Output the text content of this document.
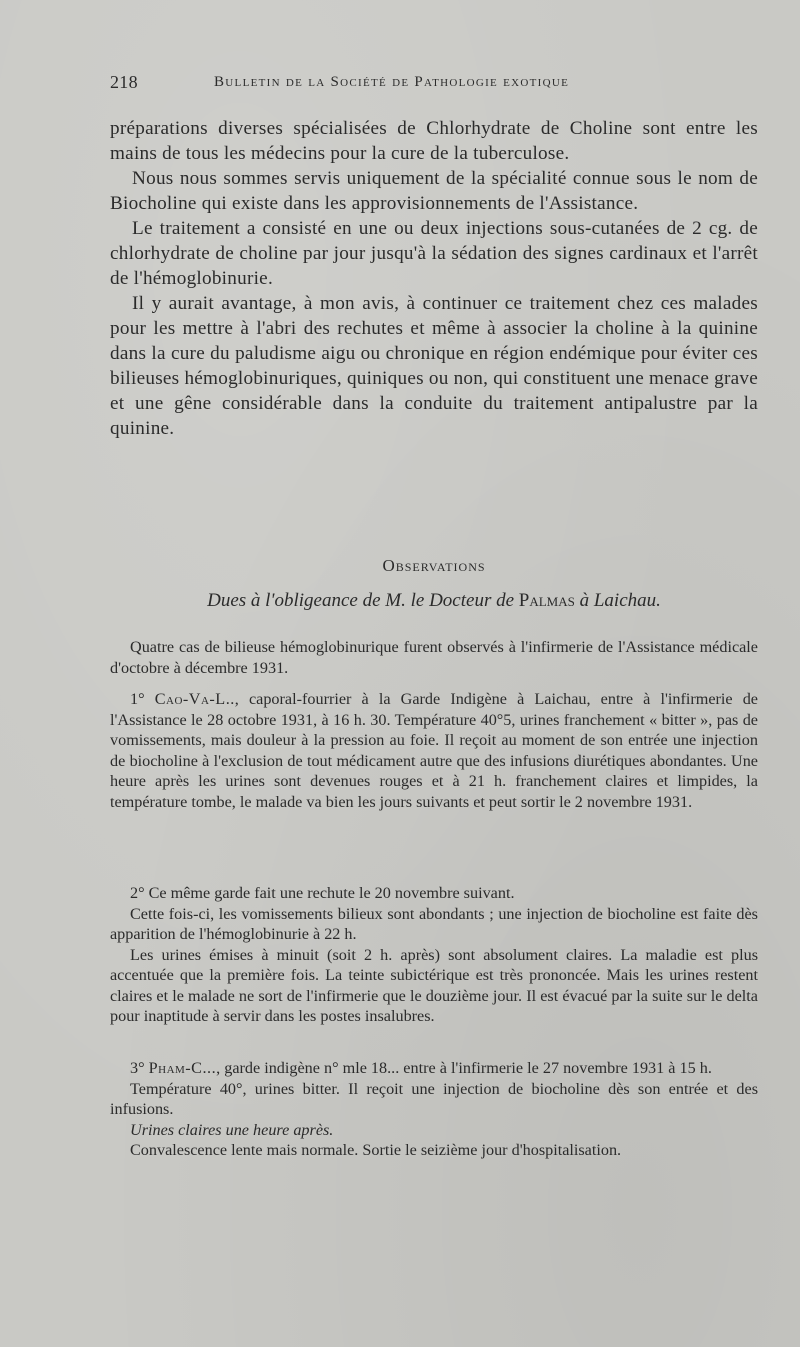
218	Bulletin de la Société de Pathologie exotique

préparations diverses spécialisées de Chlorhydrate de Choline sont entre les mains de tous les médecins pour la cure de la tuberculose.

Nous nous sommes servis uniquement de la spécialité connue sous le nom de Biocholine qui existe dans les approvisionnements de l'Assistance.

Le traitement a consisté en une ou deux injections sous-cutanées de 2 cg. de chlorhydrate de choline par jour jusqu'à la sédation des signes cardinaux et l'arrêt de l'hémoglobinurie.

Il y aurait avantage, à mon avis, à continuer ce traitement chez ces malades pour les mettre à l'abri des rechutes et même à associer la choline à la quinine dans la cure du paludisme aigu ou chronique en région endémique pour éviter ces bilieuses hémoglobinuriques, quiniques ou non, qui constituent une menace grave et une gêne considérable dans la conduite du traitement antipalustre par la quinine.

Observations
Dues à l'obligeance de M. le Docteur de Palmas à Laichau.

Quatre cas de bilieuse hémoglobinurique furent observés à l'infirmerie de l'Assistance médicale d'octobre à décembre 1931.

1° Cao-Va-L.., caporal-fourrier à la Garde Indigène à Laichau, entre à l'infirmerie de l'Assistance le 28 octobre 1931, à 16 h. 30. Température 40°5, urines franchement « bitter », pas de vomissements, mais douleur à la pression au foie. Il reçoit au moment de son entrée une injection de biocholine à l'exclusion de tout médicament autre que des infusions diurétiques abondantes. Une heure après les urines sont devenues rouges et à 21 h. franchement claires et limpides, la température tombe, le malade va bien les jours suivants et peut sortir le 2 novembre 1931.

2° Ce même garde fait une rechute le 20 novembre suivant.

Cette fois-ci, les vomissements bilieux sont abondants ; une injection de biocholine est faite dès apparition de l'hémoglobinurie à 22 h.

Les urines émises à minuit (soit 2 h. après) sont absolument claires. La maladie est plus accentuée que la première fois. La teinte subictérique est très prononcée. Mais les urines restent claires et le malade ne sort de l'infirmerie que le douzième jour. Il est évacué par la suite sur le delta pour inaptitude à servir dans les postes insalubres.

3° Pham-C..., garde indigène n° mle 18... entre à l'infirmerie le 27 novembre 1931 à 15 h.

Température 40°, urines bitter. Il reçoit une injection de biocholine dès son entrée et des infusions.

Urines claires une heure après.

Convalescence lente mais normale. Sortie le seizième jour d'hospitalisation.
